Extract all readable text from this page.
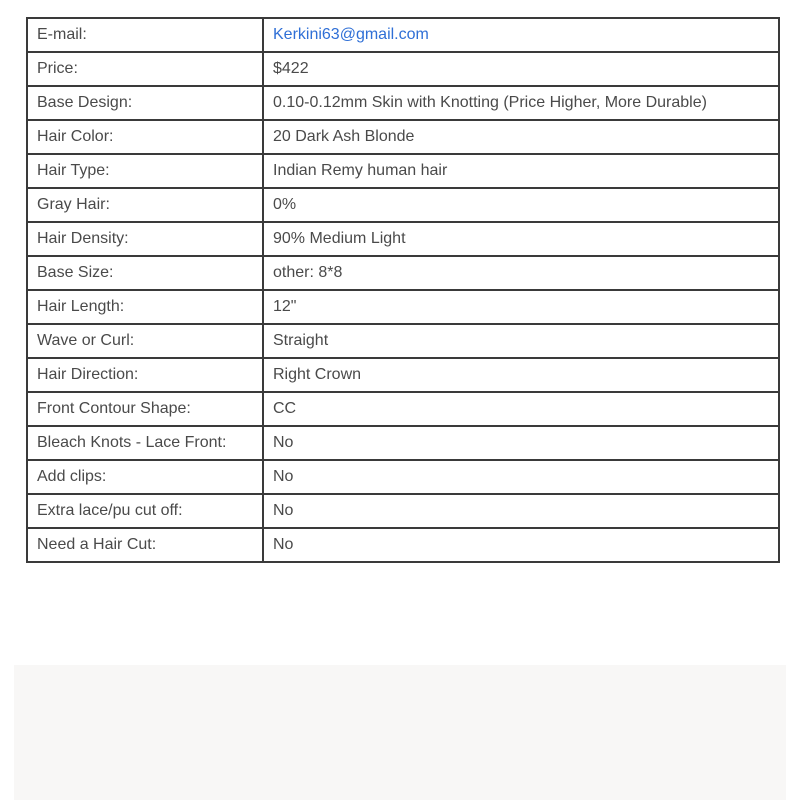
E-mail:	Kerkini63@gmail.com
Price:	$422
Base Design:	0.10-0.12mm Skin with Knotting (Price Higher, More Durable)
Hair Color:	20 Dark Ash Blonde
Hair Type:	Indian Remy human hair
Gray Hair:	0%
Hair Density:	90% Medium Light
Base Size:	other: 8*8
Hair Length:	12"
Wave or Curl:	Straight
Hair Direction:	Right Crown
Front Contour Shape:	CC
Bleach Knots - Lace Front:	No
Add clips:	No
Extra lace/pu cut off:	No
Need a Hair Cut:	No
